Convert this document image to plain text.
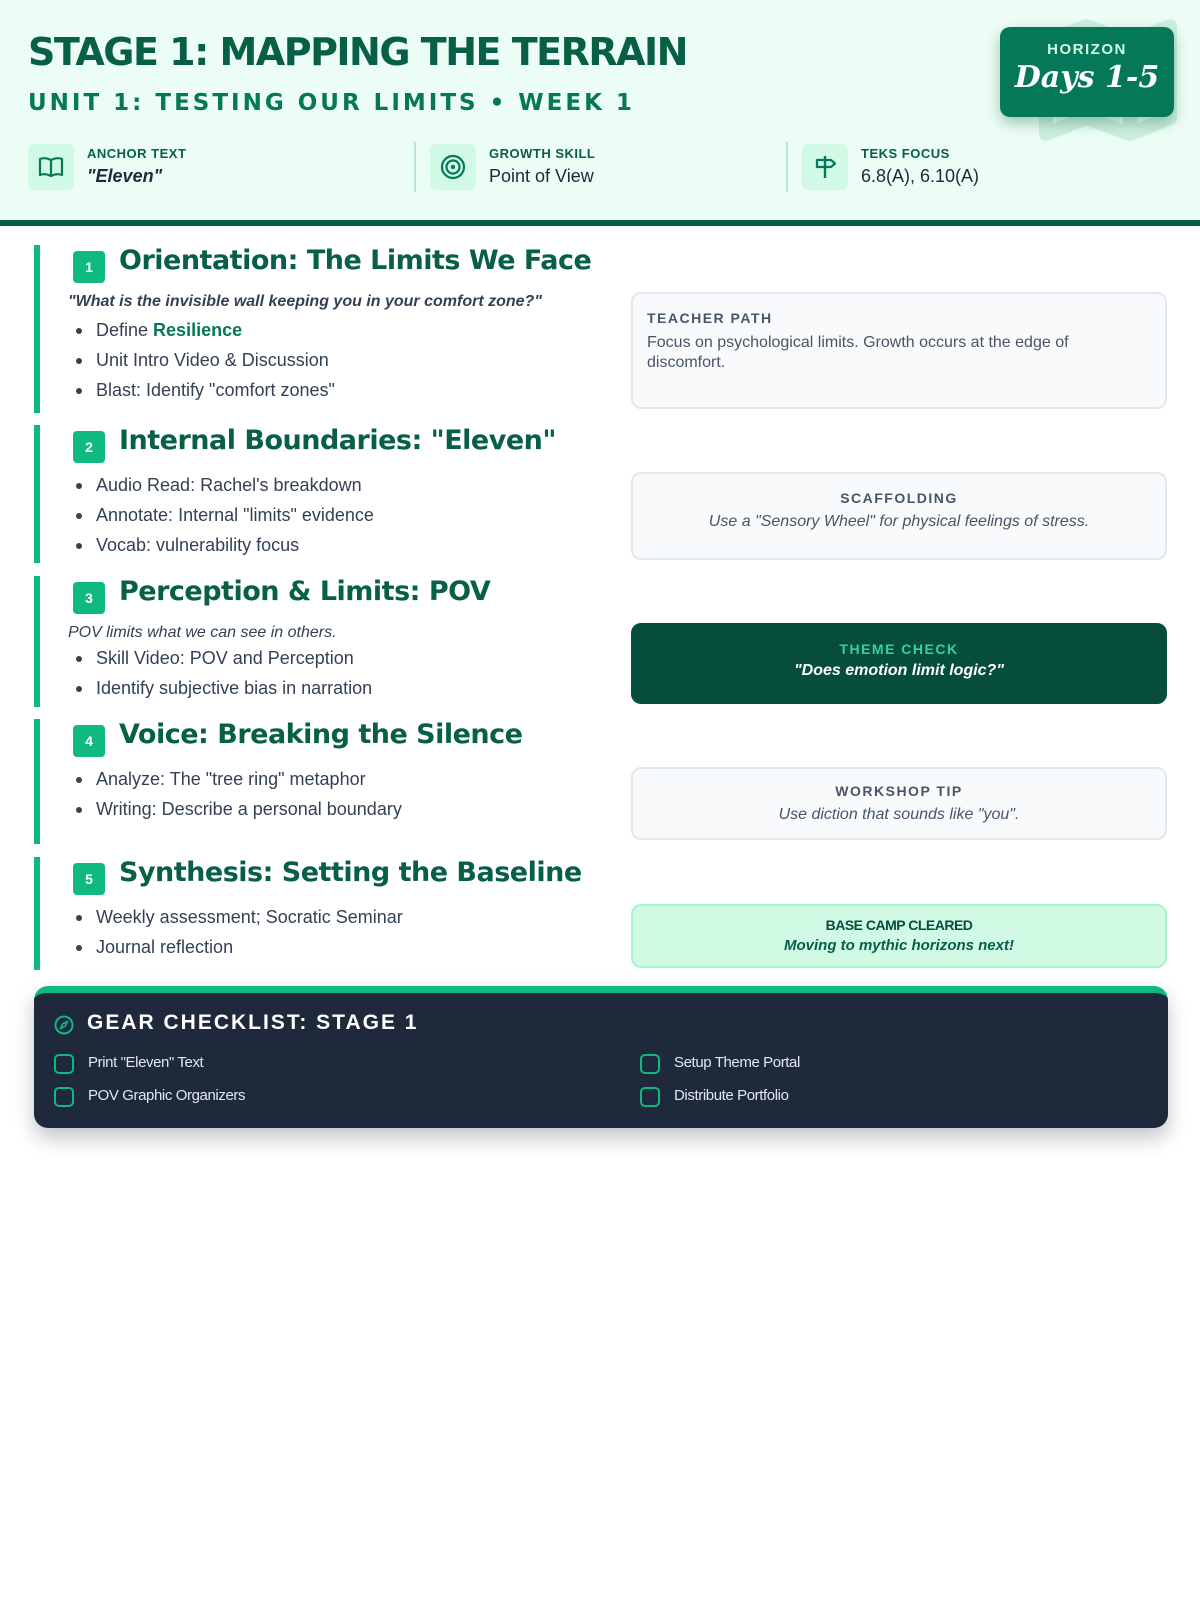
STAGE 1: MAPPING THE TERRAIN
UNIT 1: TESTING OUR LIMITS • WEEK 1
HORIZON
Days 1-5
ANCHOR TEXT
"Eleven"
GROWTH SKILL
Point of View
TEKS FOCUS
6.8(A), 6.10(A)
1 Orientation: The Limits We Face
"What is the invisible wall keeping you in your comfort zone?"
Define Resilience
Unit Intro Video & Discussion
Blast: Identify "comfort zones"
TEACHER PATH
Focus on psychological limits. Growth occurs at the edge of discomfort.
2 Internal Boundaries: "Eleven"
Audio Read: Rachel's breakdown
Annotate: Internal "limits" evidence
Vocab: vulnerability focus
SCAFFOLDING
Use a "Sensory Wheel" for physical feelings of stress.
3 Perception & Limits: POV
POV limits what we can see in others.
Skill Video: POV and Perception
Identify subjective bias in narration
THEME CHECK
"Does emotion limit logic?"
4 Voice: Breaking the Silence
Analyze: The "tree ring" metaphor
Writing: Describe a personal boundary
WORKSHOP TIP
Use diction that sounds like "you".
5 Synthesis: Setting the Baseline
Weekly assessment; Socratic Seminar
Journal reflection
BASE CAMP CLEARED
Moving to mythic horizons next!
GEAR CHECKLIST: STAGE 1
Print "Eleven" Text	Setup Theme Portal
POV Graphic Organizers	Distribute Portfolio
